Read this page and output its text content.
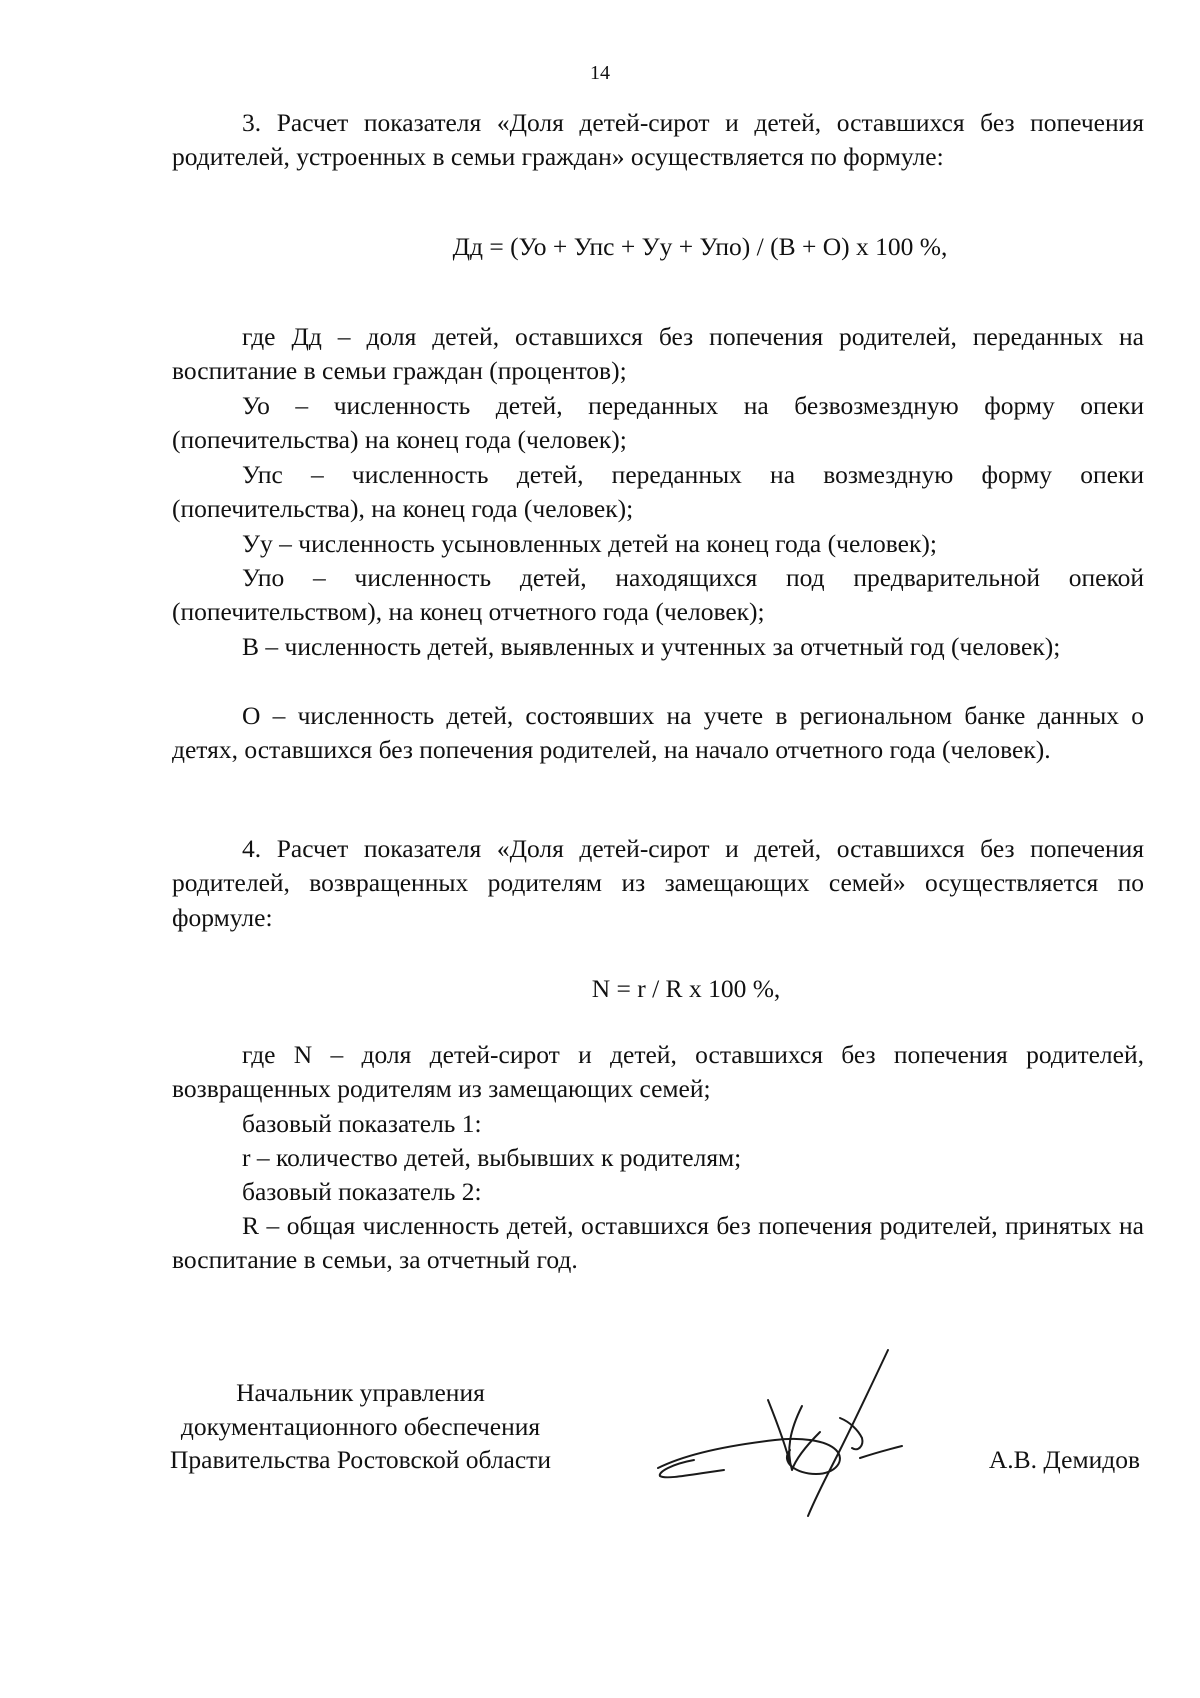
14
3. Расчет показателя «Доля детей-сирот и детей, оставшихся без попечения родителей, устроенных в семьи граждан» осуществляется по формуле:
Дд = (Уо + Упс + Уу + Упо) / (В + О) х 100 %,
где Дд – доля детей, оставшихся без попечения родителей, переданных на воспитание в семьи граждан (процентов);
Уо – численность детей, переданных на безвозмездную форму опеки (попечительства) на конец года (человек);
Упс – численность детей, переданных на возмездную форму опеки (попечительства), на конец года (человек);
Уу – численность усыновленных детей на конец года (человек);
Упо – численность детей, находящихся под предварительной опекой (попечительством), на конец отчетного года (человек);
В – численность детей, выявленных и учтенных за отчетный год (человек);
О – численность детей, состоявших на учете в региональном банке данных о детях, оставшихся без попечения родителей, на начало отчетного года (человек).
4. Расчет показателя «Доля детей-сирот и детей, оставшихся без попечения родителей, возвращенных родителям из замещающих семей» осуществляется по формуле:
N = r / R х 100 %,
где N – доля детей-сирот и детей, оставшихся без попечения родителей, возвращенных родителям из замещающих семей;
базовый показатель 1:
r – количество детей, выбывших к родителям;
базовый показатель 2:
R – общая численность детей, оставшихся без попечения родителей, принятых на воспитание в семьи, за отчетный год.
Начальник управления
документационного обеспечения
Правительства Ростовской области	А.В. Демидов
